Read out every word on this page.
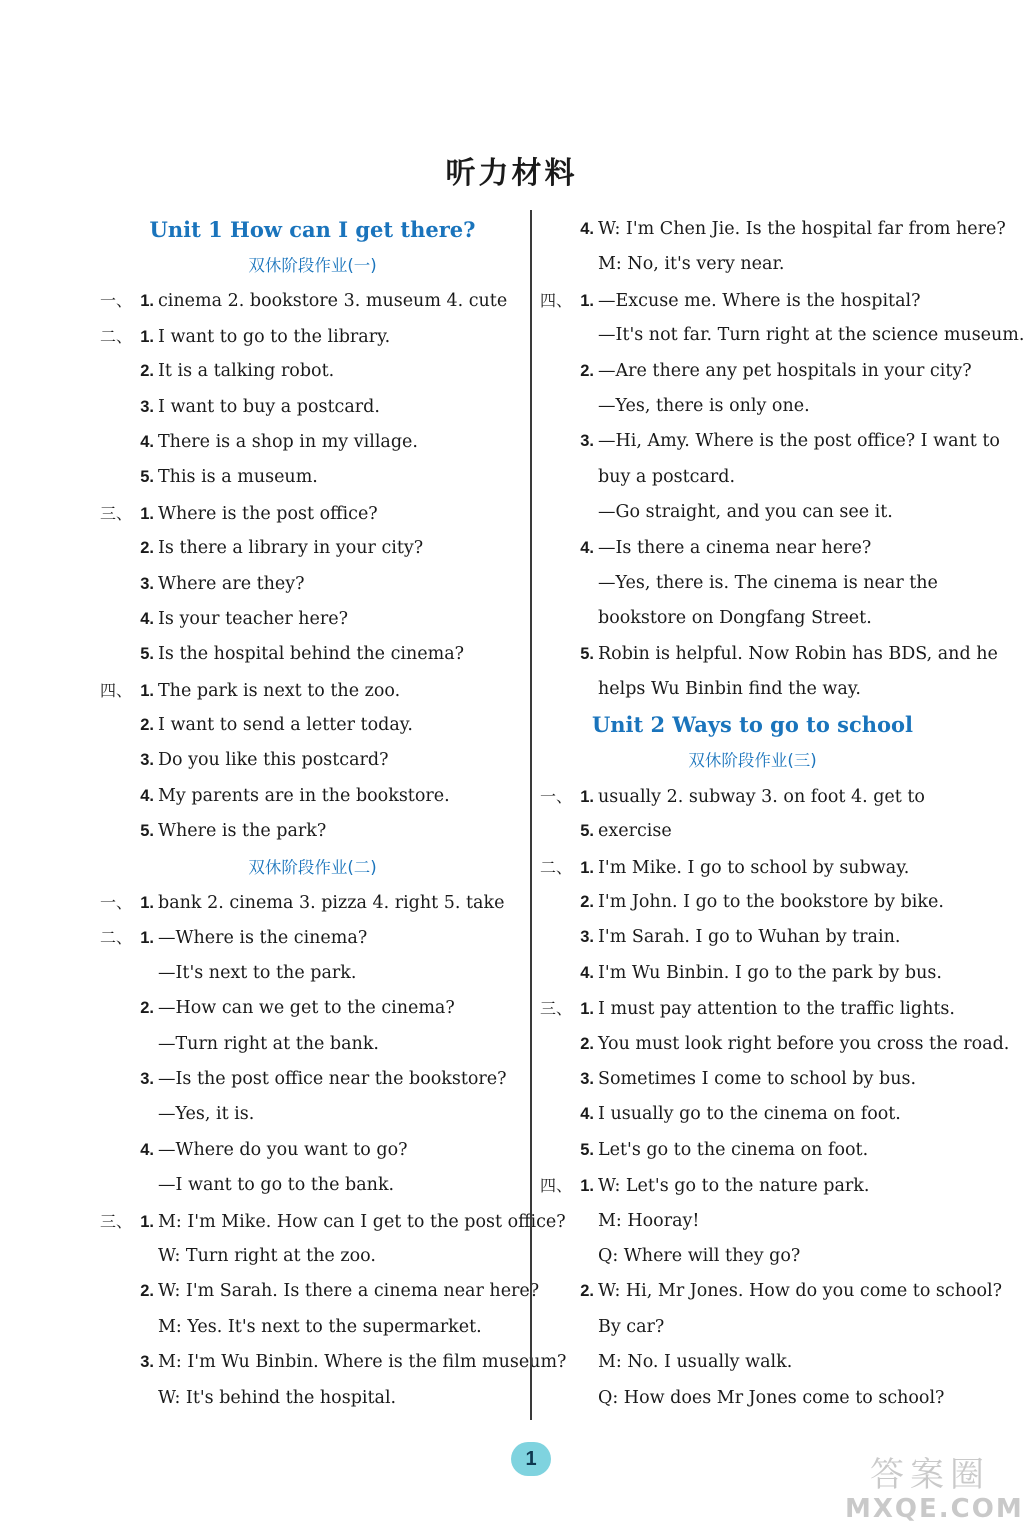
听力材料
Unit 1 How can I get there?
双休阶段作业(一)
一、 1. cinema 2. bookstore 3. museum 4. cute
二、 1. I want to go to the library.
2. It is a talking robot.
3. I want to buy a postcard.
4. There is a shop in my village.
5. This is a museum.
三、 1. Where is the post office?
2. Is there a library in your city?
3. Where are they?
4. Is your teacher here?
5. Is the hospital behind the cinema?
四、 1. The park is next to the zoo.
2. I want to send a letter today.
3. Do you like this postcard?
4. My parents are in the bookstore.
5. Where is the park?
双休阶段作业(二)
一、 1. bank 2. cinema 3. pizza 4. right 5. take
二、 1. —Where is the cinema?
—It's next to the park.
2. —How can we get to the cinema?
—Turn right at the bank.
3. —Is the post office near the bookstore?
—Yes, it is.
4. —Where do you want to go?
—I want to go to the bank.
三、 1. M: I'm Mike. How can I get to the post office?
W: Turn right at the zoo.
2. W: I'm Sarah. Is there a cinema near here?
M: Yes. It's next to the supermarket.
3. M: I'm Wu Binbin. Where is the film museum?
W: It's behind the hospital.
4. W: I'm Chen Jie. Is the hospital far from here?
M: No, it's very near.
四、 1. —Excuse me. Where is the hospital?
—It's not far. Turn right at the science museum.
2. —Are there any pet hospitals in your city?
—Yes, there is only one.
3. —Hi, Amy. Where is the post office? I want to
buy a postcard.
—Go straight, and you can see it.
4. —Is there a cinema near here?
—Yes, there is. The cinema is near the
bookstore on Dongfang Street.
5. Robin is helpful. Now Robin has BDS, and he
helps Wu Binbin find the way.
Unit 2 Ways to go to school
双休阶段作业(三)
一、 1. usually 2. subway 3. on foot 4. get to
5. exercise
二、 1. I'm Mike. I go to school by subway.
2. I'm John. I go to the bookstore by bike.
3. I'm Sarah. I go to Wuhan by train.
4. I'm Wu Binbin. I go to the park by bus.
三、 1. I must pay attention to the traffic lights.
2. You must look right before you cross the road.
3. Sometimes I come to school by bus.
4. I usually go to the cinema on foot.
5. Let's go to the cinema on foot.
四、 1. W: Let's go to the nature park.
M: Hooray!
Q: Where will they go?
2. W: Hi, Mr Jones. How do you come to school?
By car?
M: No. I usually walk.
Q: How does Mr Jones come to school?
1	答案圈
MXQE.COM
